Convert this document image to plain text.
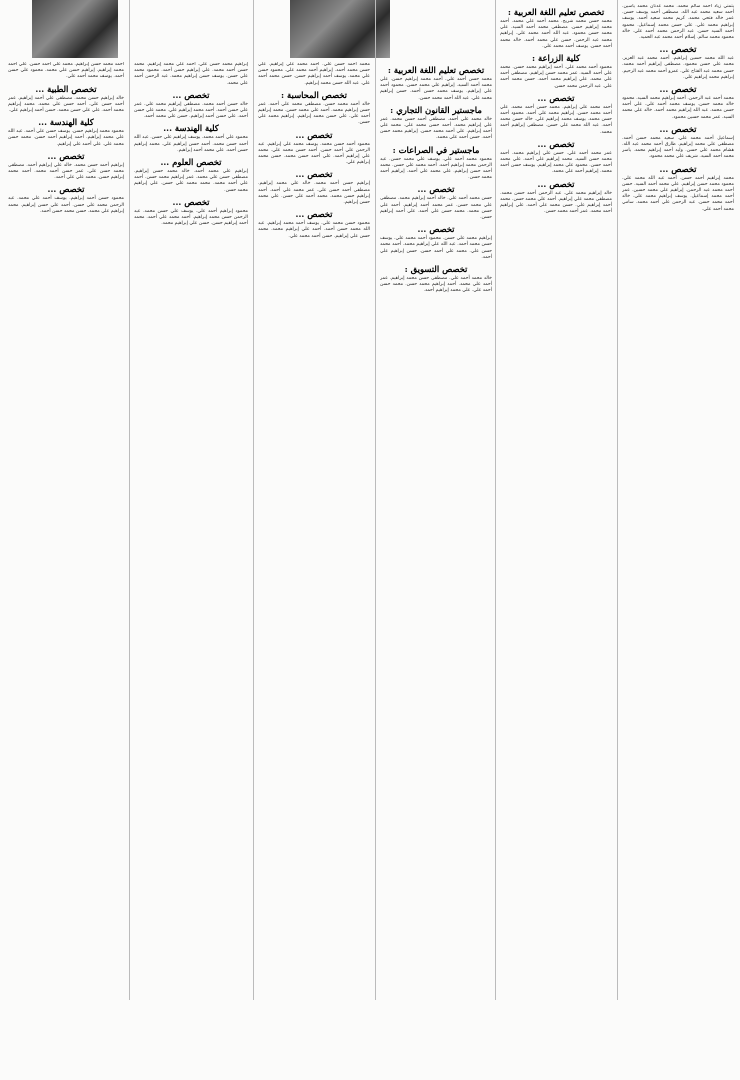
يتمني زياد أحمد سالم محمد. محمد عدنان محمد ياسين. أحمد سعيد محمد عبد الله. مصطفى أحمد يوسف حسن. عمر خالد فتحي محمد. كريم محمد سعيد أحمد. يوسف إبراهيم محمد علي. علي حسن محمد إسماعيل. محمود أحمد السيد حسن. عبد الرحمن محمد أحمد علي. خالد محمود محمد سالم. إسلام أحمد محمد عبد الحميد.

تخصص ...

عبد الله محمد حسين إبراهيم. أحمد محمد عبد العزيز. محمد علي حسن محمود. مصطفى إبراهيم أحمد محمد. حسن محمد عبد الفتاح علي. عمرو أحمد محمد عبد الرحيم. إبراهيم محمد إبراهيم علي.

تخصص ...

محمد أحمد عبد الرحمن. أحمد إبراهيم محمد السيد. محمود خالد محمد حسن. يوسف محمد أحمد علي. علي أحمد حسن محمد. عبد الله إبراهيم محمد أحمد. خالد علي محمد السيد. عمر محمد حسين محمود.

تخصص ...

إسماعيل أحمد محمد علي. سعيد محمد حسن أحمد. مصطفى علي محمد إبراهيم. طارق أحمد محمد عبد الله. هشام محمد علي حسن. وليد أحمد إبراهيم محمد. ياسر محمد أحمد السيد. شريف علي محمد محمود.

تخصص ...

محمد إبراهيم أحمد حسن. أحمد عبد الله محمد علي. محمود محمد حسن إبراهيم. علي محمد أحمد السيد. حسن أحمد محمد عبد الرحمن. إبراهيم علي محمد حسين. عمر أحمد محمد إسماعيل. يوسف إبراهيم محمد علي. خالد أحمد محمد حسن. عبد الرحمن علي أحمد محمد. سامي محمد أحمد علي.

تخصص تعليم اللغة العربية :

محمد حسن محمد شريح. محمد أحمد علي محمد. أحمد محمد إبراهيم حسن. مصطفى محمد أحمد السيد. علي محمد حسن محمود. عبد الله أحمد محمد علي. إبراهيم محمد عبد الرحمن. حسن علي محمد أحمد. خالد محمد أحمد حسن. يوسف أحمد محمد علي.

كلية الزراعة :

محمود أحمد محمد علي. أحمد إبراهيم محمد حسن. محمد علي أحمد السيد. عمر محمد حسن إبراهيم. مصطفى أحمد علي محمد. علي إبراهيم محمد أحمد. حسن محمد أحمد علي. عبد الرحمن محمد حسن.

تخصص ...

أحمد محمد علي إبراهيم. محمد حسن أحمد محمد. علي أحمد محمد حسن. إبراهيم محمد علي أحمد. محمود أحمد حسن محمد. يوسف محمد إبراهيم علي. خالد حسن محمد أحمد. عبد الله محمد علي حسن. مصطفى إبراهيم أحمد محمد.

تخصص ...

عمر محمد أحمد علي. حسن علي إبراهيم محمد. أحمد محمد حسن السيد. محمد إبراهيم علي أحمد. علي محمد أحمد حسن. محمود علي محمد إبراهيم. يوسف حسن أحمد محمد. إبراهيم أحمد علي محمد.

تخصص ...

خالد إبراهيم محمد علي. عبد الرحمن أحمد حسن محمد. مصطفى محمد علي إبراهيم. أحمد علي محمد حسن. محمد أحمد إبراهيم علي. حسن محمد علي أحمد. علي إبراهيم أحمد محمد. عمر أحمد محمد حسن.

تخصص تعليم اللغة العربية :

محمد حسن أحمد علي. أحمد محمد إبراهيم حسن. علي محمد أحمد السيد. إبراهيم علي محمد حسن. محمود أحمد علي إبراهيم. يوسف محمد حسن أحمد. حسن إبراهيم محمد علي. عبد الله أحمد محمد حسن.

ماجستير القانون التجاري :

خالد محمد علي أحمد. مصطفى أحمد حسن محمد. عمر علي إبراهيم محمد. أحمد حسن محمد علي. محمد علي أحمد إبراهيم. علي أحمد محمد حسن. إبراهيم محمد حسن أحمد. حسن أحمد علي محمد.

ماجستير في الصراعات :

محمود محمد أحمد علي. يوسف علي محمد حسن. عبد الرحمن محمد إبراهيم أحمد. أحمد محمد علي حسن. محمد أحمد حسن إبراهيم. علي محمد علي أحمد. إبراهيم أحمد محمد حسن.

تخصص ...

حسن محمد أحمد علي. خالد أحمد إبراهيم محمد. مصطفى علي محمد حسن. عمر محمد أحمد إبراهيم. أحمد علي حسن محمد. محمد حسن علي أحمد. علي أحمد إبراهيم حسن.

تخصص ...

إبراهيم محمد علي حسن. محمود أحمد محمد علي. يوسف حسن محمد أحمد. عبد الله علي إبراهيم محمد. أحمد محمد حسن علي. محمد علي أحمد حسن. حسن إبراهيم علي أحمد.

تخصص التسويق :

خالد محمد أحمد علي. مصطفى حسن محمد إبراهيم. عمر أحمد علي محمد. أحمد إبراهيم محمد حسن. محمد حسن أحمد علي. علي محمد إبراهيم أحمد.

محمد أحمد حسن علي. أحمد محمد علي إبراهيم. علي حسن محمد أحمد. إبراهيم أحمد محمد علي. محمود حسن علي محمد. يوسف أحمد إبراهيم حسن. حسن محمد أحمد علي. عبد الله حسن محمد إبراهيم.

تخصص المحاسبة :

خالد أحمد محمد حسن. مصطفى محمد علي أحمد. عمر حسن إبراهيم محمد. أحمد علي محمد حسن. محمد إبراهيم أحمد علي. علي حسن محمد إبراهيم. إبراهيم محمد علي حسن.

تخصص ...

محمود أحمد حسن محمد. يوسف محمد علي إبراهيم. عبد الرحمن علي أحمد حسن. أحمد حسن محمد علي. محمد علي إبراهيم أحمد. علي أحمد حسن محمد. حسن محمد إبراهيم علي.

تخصص ...

إبراهيم حسن أحمد محمد. خالد علي محمد إبراهيم. مصطفى أحمد حسن علي. عمر محمد علي أحمد. أحمد إبراهيم حسن محمد. محمد أحمد علي حسن. علي محمد حسن إبراهيم.

تخصص ...

محمود حسن محمد علي. يوسف أحمد محمد إبراهيم. عبد الله محمد حسن أحمد. أحمد علي إبراهيم محمد. محمد حسن علي إبراهيم. حسن أحمد محمد علي.

إبراهيم محمد حسن علي. أحمد علي محمد إبراهيم. محمد حسن أحمد محمد. علي إبراهيم حسن أحمد. محمود محمد علي حسن. يوسف حسن إبراهيم محمد. عبد الرحمن أحمد علي محمد.

تخصص ...

خالد حسن أحمد محمد. مصطفى إبراهيم محمد علي. عمر علي حسن أحمد. أحمد محمد إبراهيم علي. محمد علي حسن أحمد. علي حسن أحمد إبراهيم. حسن علي محمد أحمد.

كلية الهندسة ...

محمود علي أحمد محمد. يوسف إبراهيم علي حسن. عبد الله أحمد حسن محمد. أحمد حسن إبراهيم علي. محمد إبراهيم حسن أحمد. علي محمد أحمد إبراهيم.

تخصص العلوم ...

إبراهيم علي محمد أحمد. خالد محمد حسن إبراهيم. مصطفى حسن علي محمد. عمر إبراهيم محمد حسن. أحمد علي أحمد محمد. محمد محمد علي حسن. علي إبراهيم محمد حسن.

تخصص ...

محمود إبراهيم أحمد علي. يوسف علي حسن محمد. عبد الرحمن حسن محمد إبراهيم. أحمد محمد علي أحمد. محمد أحمد إبراهيم حسن. حسن علي إبراهيم محمد.

أحمد محمد حسن إبراهيم. محمد علي أحمد حسن. علي أحمد محمد إبراهيم. إبراهيم حسن علي محمد. محمود علي حسن أحمد. يوسف محمد أحمد علي.

تخصص الطبية ...

خالد إبراهيم حسن محمد. مصطفى علي أحمد إبراهيم. عمر أحمد حسن علي. أحمد حسن علي محمد. محمد إبراهيم محمد أحمد. علي علي حسن محمد. حسن أحمد إبراهيم علي.

كلية الهندسة ...

محمود محمد إبراهيم حسن. يوسف حسن علي أحمد. عبد الله علي محمد إبراهيم. أحمد إبراهيم أحمد حسن. محمد حسن محمد علي. علي أحمد علي إبراهيم.

تخصص ...

إبراهيم أحمد حسن محمد. خالد علي إبراهيم أحمد. مصطفى محمد حسن علي. عمر حسن أحمد محمد. أحمد محمد إبراهيم حسن. محمد علي علي أحمد.

تخصص ...

محمود حسن أحمد إبراهيم. يوسف أحمد علي محمد. عبد الرحمن محمد علي حسن. أحمد علي حسن إبراهيم. محمد إبراهيم علي محمد. حسن محمد حسن أحمد.
